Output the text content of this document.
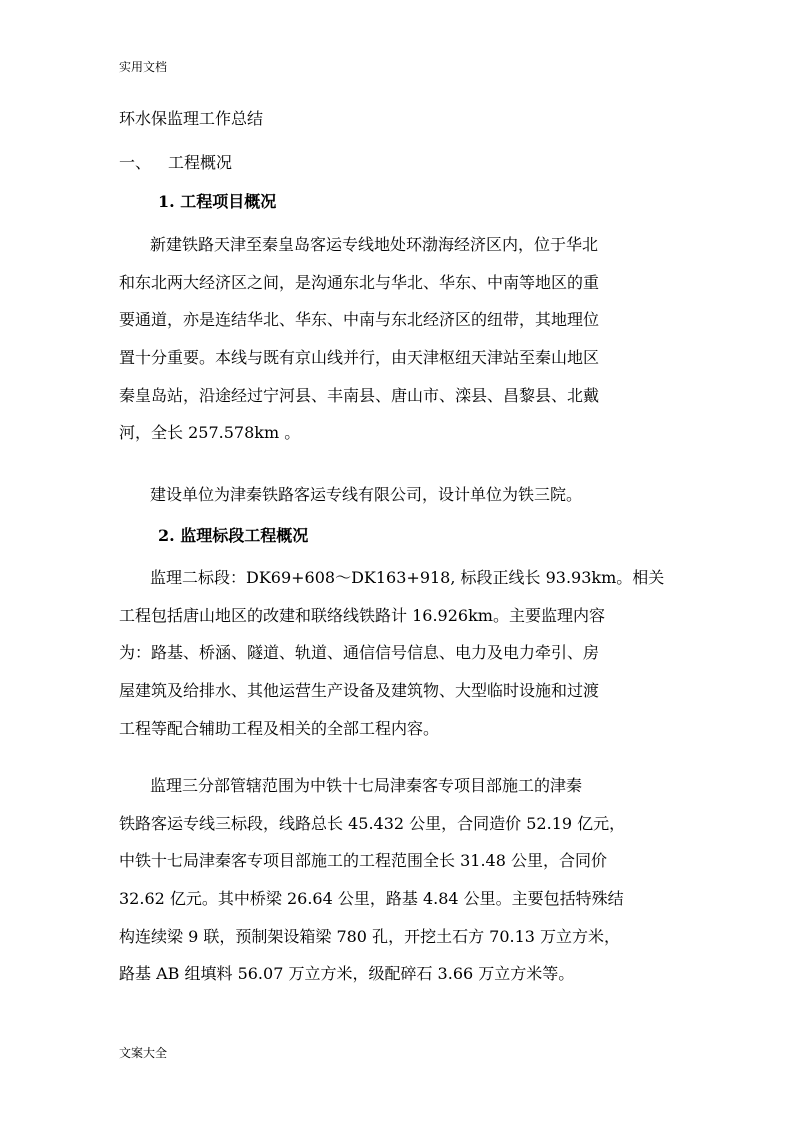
实用文档
环水保监理工作总结
一、 工程概况
1. 工程项目概况
新建铁路天津至秦皇岛客运专线地处环渤海经济区内，位于华北
和东北两大经济区之间，是沟通东北与华北、华东、中南等地区的重
要通道，亦是连结华北、华东、中南与东北经济区的纽带，其地理位
置十分重要。本线与既有京山线并行，由天津枢纽天津站至秦山地区
秦皇岛站，沿途经过宁河县、丰南县、唐山市、滦县、昌黎县、北戴
河，全长 257.578km 。
建设单位为津秦铁路客运专线有限公司，设计单位为铁三院。
2. 监理标段工程概况
监理二标段：DK69+608～DK163+918, 标段正线长 93.93km。相关
工程包括唐山地区的改建和联络线铁路计 16.926km。主要监理内容
为：路基、桥涵、隧道、轨道、通信信号信息、电力及电力牵引、房
屋建筑及给排水、其他运营生产设备及建筑物、大型临时设施和过渡
工程等配合辅助工程及相关的全部工程内容。
监理三分部管辖范围为中铁十七局津秦客专项目部施工的津秦
铁路客运专线三标段，线路总长 45.432 公里，合同造价 52.19 亿元，
中铁十七局津秦客专项目部施工的工程范围全长 31.48 公里，合同价
32.62 亿元。其中桥梁 26.64 公里，路基 4.84 公里。主要包括特殊结
构连续梁 9 联，预制架设箱梁 780 孔，开挖土石方 70.13 万立方米，
路基 AB 组填料 56.07 万立方米，级配碎石 3.66 万立方米等。
文案大全
